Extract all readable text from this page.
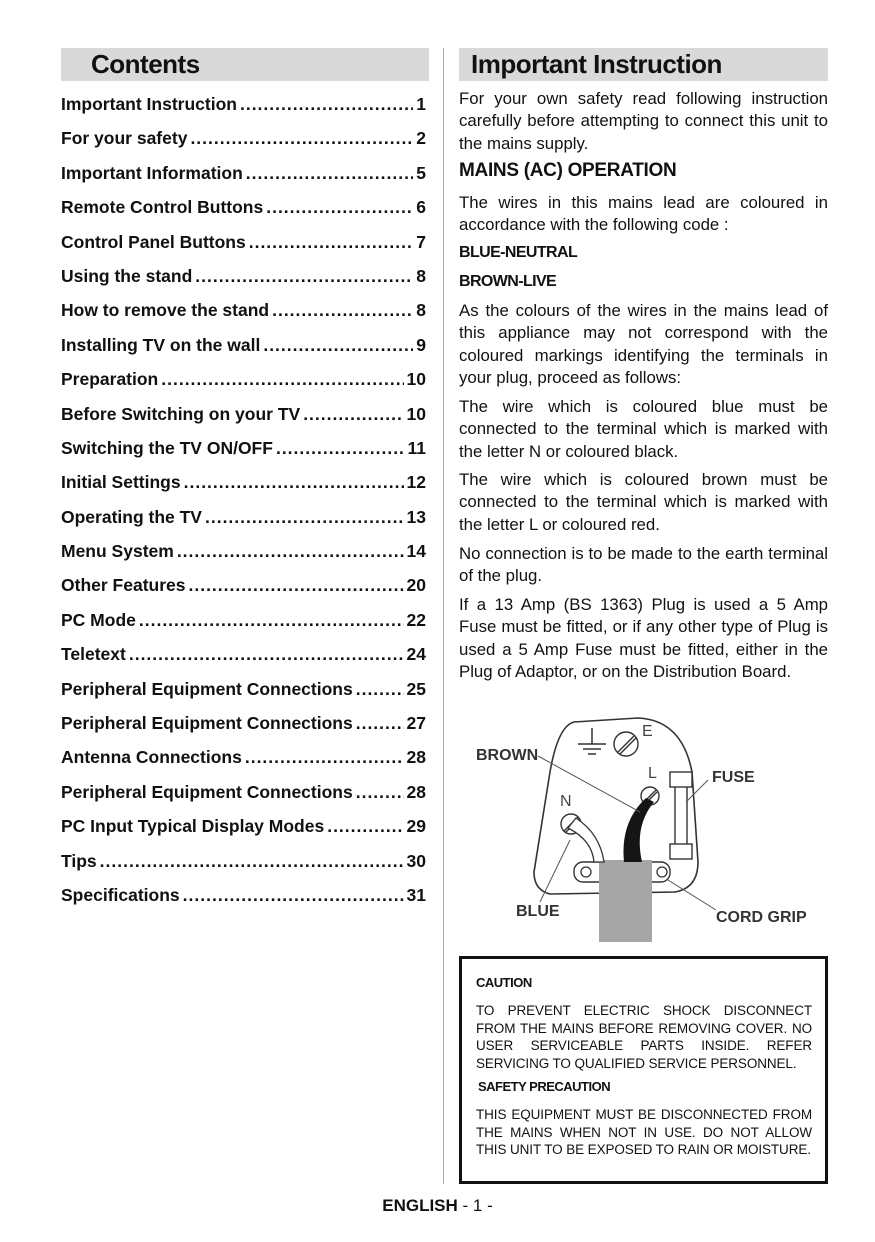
Contents
Important Instruction .....	1
For your safety .....	2
Important Information .....	5
Remote Control Buttons .....	6
Control Panel Buttons .....	7
Using the stand .....	8
How to remove the stand .....	8
Installing TV on the wall .....	9
Preparation .....	10
Before Switching on your TV .....	10
Switching the TV ON/OFF .....	11
Initial Settings .....	12
Operating the TV .....	13
Menu System .....	14
Other Features .....	20
PC Mode .....	22
Teletext .....	24
Peripheral Equipment Connections .....	25
Peripheral Equipment Connections .....	27
Antenna Connections .....	28
Peripheral Equipment Connections .....	28
PC Input Typical Display Modes .....	29
Tips .....	30
Specifications .....	31
Important Instruction

For your own safety read following instruction carefully before attempting to connect this unit to the mains supply.

MAINS (AC) OPERATION

The wires in this mains lead are coloured in accordance with the following code :

BLUE-NEUTRAL
BROWN-LIVE

As the colours of the wires in the mains lead of this appliance may not correspond with the coloured markings identifying the terminals in your plug, proceed as follows:

The wire which is coloured blue must be connected to the terminal which is marked with the letter N or coloured black.

The wire which is coloured brown must be connected to the terminal which is marked with the letter L or coloured red.

No connection is to be made to the earth terminal of the plug.

If a 13 Amp (BS 1363) Plug is used a 5 Amp Fuse must be fitted, or if any other type of Plug is used a 5 Amp Fuse must be fitted, either in the Plug of Adaptor, or on the Distribution Board.

BROWN
FUSE
BLUE	CORD GRIP
E
L
N

CAUTION

TO PREVENT ELECTRIC SHOCK DISCONNECT FROM THE MAINS BEFORE REMOVING COVER. NO USER SERVICEABLE PARTS INSIDE. REFER SERVICING TO QUALIFIED SERVICE PERSONNEL.

SAFETY PRECAUTION

THIS EQUIPMENT MUST BE DISCONNECTED FROM THE MAINS WHEN NOT IN USE. DO NOT ALLOW THIS UNIT TO BE EXPOSED TO RAIN OR MOISTURE.

ENGLISH - 1 -
